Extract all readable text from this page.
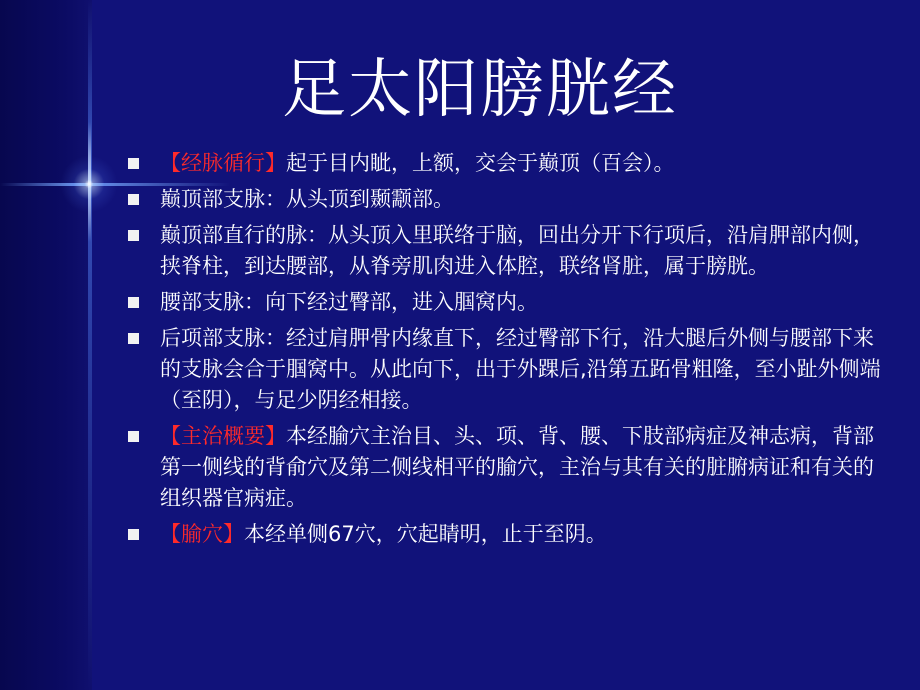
足太阳膀胱经
【经脉循行】起于目内眦，上额，交会于巅顶（百会）。
巅顶部支脉：从头顶到颞颥部。
巅顶部直行的脉：从头顶入里联络于脑，回出分开下行项后，沿肩胛部内侧，挟脊柱，到达腰部，从脊旁肌肉进入体腔，联络肾脏，属于膀胱。
腰部支脉：向下经过臀部，进入腘窝内。
后项部支脉：经过肩胛骨内缘直下，经过臀部下行，沿大腿后外侧与腰部下来的支脉会合于腘窝中。从此向下，出于外踝后,沿第五跖骨粗隆，至小趾外侧端（至阴），与足少阴经相接。
【主治概要】本经腧穴主治目、头、项、背、腰、下肢部病症及神志病，背部第一侧线的背俞穴及第二侧线相平的腧穴，主治与其有关的脏腑病证和有关的组织器官病症。
【腧穴】本经单侧67穴，穴起睛明，止于至阴。
